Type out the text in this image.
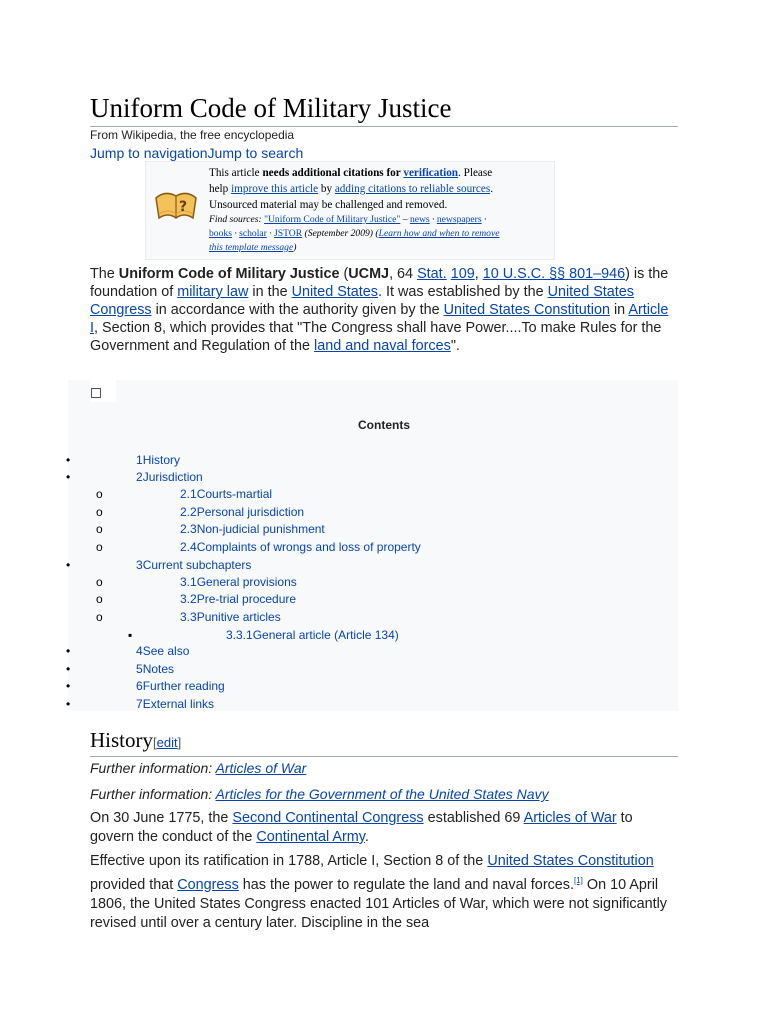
Uniform Code of Military Justice
From Wikipedia, the free encyclopedia
Jump to navigationJump to search
?
This article needs additional citations for verification. Please
help improve this article by adding citations to reliable sources.
Unsourced material may be challenged and removed.
Find sources: "Uniform Code of Military Justice" – news · newspapers · books · scholar · JSTOR (September 2009) (Learn how and when to remove this template message)
The Uniform Code of Military Justice (UCMJ, 64 Stat. 109, 10 U.S.C. §§ 801–946) is the foundation of military law in the United States. It was established by the United States Congress in accordance with the authority given by the United States Constitution in Article I, Section 8, which provides that "The Congress shall have Power....To make Rules for the Government and Regulation of the land and naval forces".
Contents
•	1History
•	2Jurisdiction
o	2.1Courts-martial
o	2.2Personal jurisdiction
o	2.3Non-judicial punishment
o	2.4Complaints of wrongs and loss of property
•	3Current subchapters
o	3.1General provisions
o	3.2Pre-trial procedure
o	3.3Punitive articles
▪	3.3.1General article (Article 134)
•	4See also
•	5Notes
•	6Further reading
•	7External links
History[edit]
Further information: Articles of War
Further information: Articles for the Government of the United States Navy
On 30 June 1775, the Second Continental Congress established 69 Articles of War to govern the conduct of the Continental Army.
Effective upon its ratification in 1788, Article I, Section 8 of the United States Constitution provided that Congress has the power to regulate the land and naval forces.[1] On 10 April 1806, the United States Congress enacted 101 Articles of War, which were not significantly revised until over a century later. Discipline in the sea
